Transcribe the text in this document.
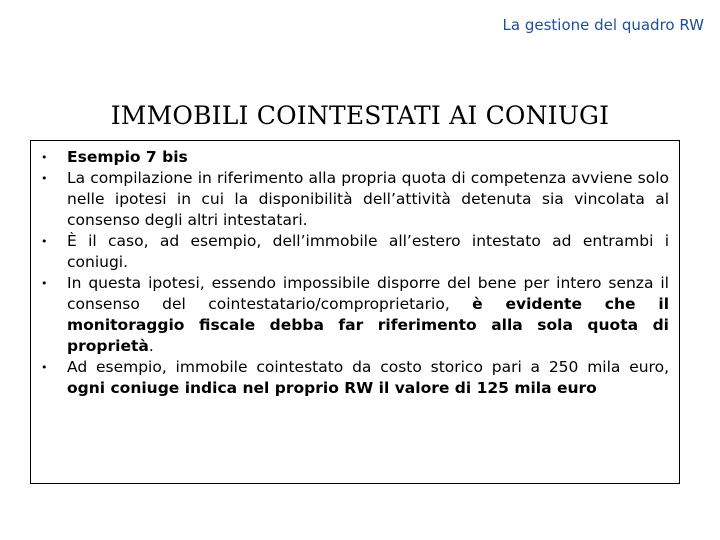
La gestione del quadro RW
IMMOBILI COINTESTATI AI CONIUGI
• Esempio 7 bis
• La compilazione in riferimento alla propria quota di competenza avviene solo nelle ipotesi in cui la disponibilità dell’attività detenuta sia vincolata al consenso degli altri intestatari.
• È il caso, ad esempio, dell’immobile all’estero intestato ad entrambi i coniugi.
• In questa ipotesi, essendo impossibile disporre del bene per intero senza il consenso del cointestatario/comproprietario, è evidente che il monitoraggio fiscale debba far riferimento alla sola quota di proprietà.
• Ad esempio, immobile cointestato da costo storico pari a 250 mila euro, ogni coniuge indica nel proprio RW il valore di 125 mila euro
